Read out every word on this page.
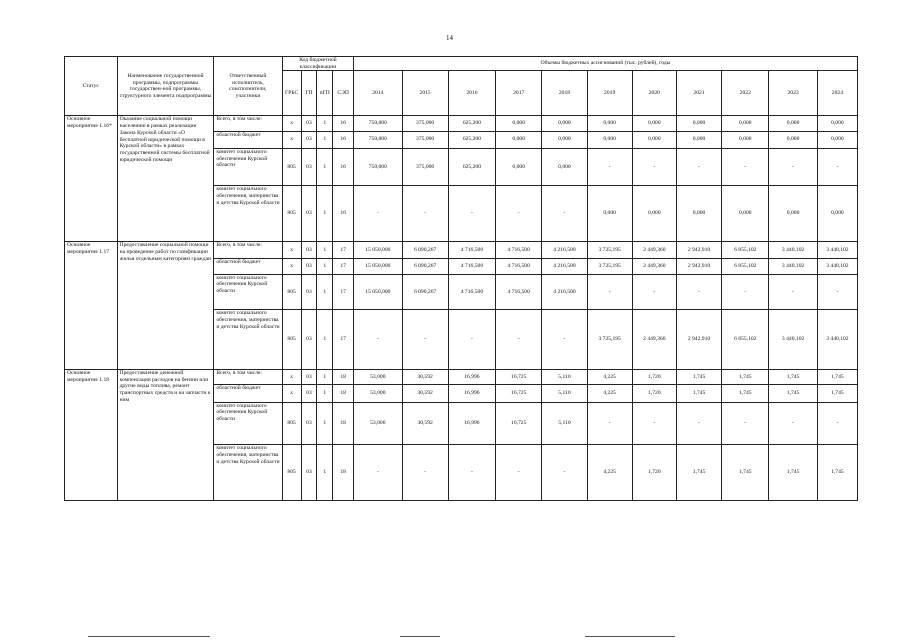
14
Статус	Наименование государственной программы, подпрограммы государствен-ной программы, структурного элемента подпрограммы	Ответственный исполнитель, соисполнители, участники	Код бюджетной классификации				Объемы бюджетных ассигнований (тыс. рублей), годы										
			ГРБС	ГП	пГП	СЭП	2014	2015	2016	2017	2018	2019	2020	2021	2022	2023	2024
Основное мероприятие 1.16*	Оказание социальной помощи населению в рамках реализации Закона Курской области «О бесплатной юридической помощи в Курской области» в рамках государственной системы бесплатной юридической помощи	Всего, в том числе:	х	03	1	16	750,000	375,000	625,200	0,000	0,000	0,000	0,000	0,000	0,000	0,000	0,000
		областной бюджет	х	03	1	16	750,000	375,000	625,200	0,000	0,000	0,000	0,000	0,000	0,000	0,000	0,000
		комитет социального обеспечения Курской области	805	03	1	16	750,000	375,000	625,200	0,000	0,000	-	-	-	-	-	-
		комитет социального обеспечения, материнства и детства Курской области	805	03	1	16	-	-	-	-	-	0,000	0,000	0,000	0,000	0,000	0,000
Основное мероприятие 1.17	Предоставление социальной помощи на проведение работ по газификации жилья отдельным категориям граждан	Всего, в том числе:	х	03	1	17	15 050,000	6 090,267	4 716,500	4 716,500	4 216,500	3 725,195	2 449,360	2 942,910	6 855,102	3 440,102	3 440,102
		областной бюджет	х	03	1	17	15 050,000	6 090,267	4 716,500	4 716,500	4 216,500	3 725,195	2 449,360	2 942,910	6 855,102	3 440,102	3 440,102
		комитет социального обеспечения Курской области	805	03	1	17	15 050,000	6 090,267	4 716,500	4 716,500	4 216,500	-	-	-	-	-	-
		комитет социального обеспечения, материнства и детства Курской области	805	03	1	17	-	-	-	-	-	3 725,195	2 449,360	2 942,910	6 855,102	3 440,102	3 440,102
Основное мероприятие 1.18	Предоставление денежной компенсации расходов на бензин или другие виды топлива, ремонт транспортных средств и на запчасти к ним	Всего, в том числе:	х	03	1	18	53,000	30,592	16,996	16,725	5,110	4,225	1,720	1,745	1,745	1,745	1,745
		областной бюджет	х	03	1	18	53,000	30,592	16,996	16,725	5,110	4,225	1,720	1,745	1,745	1,745	1,745
		комитет социального обеспечения Курской области	805	03	1	18	53,000	30,592	16,996	16,725	5,110	-	-	-	-	-	-
		комитет социального обеспечения, материнства и детства Курской области	805	03	1	18	-	-	-	-	-	4,225	1,720	1,745	1,745	1,745	1,745
